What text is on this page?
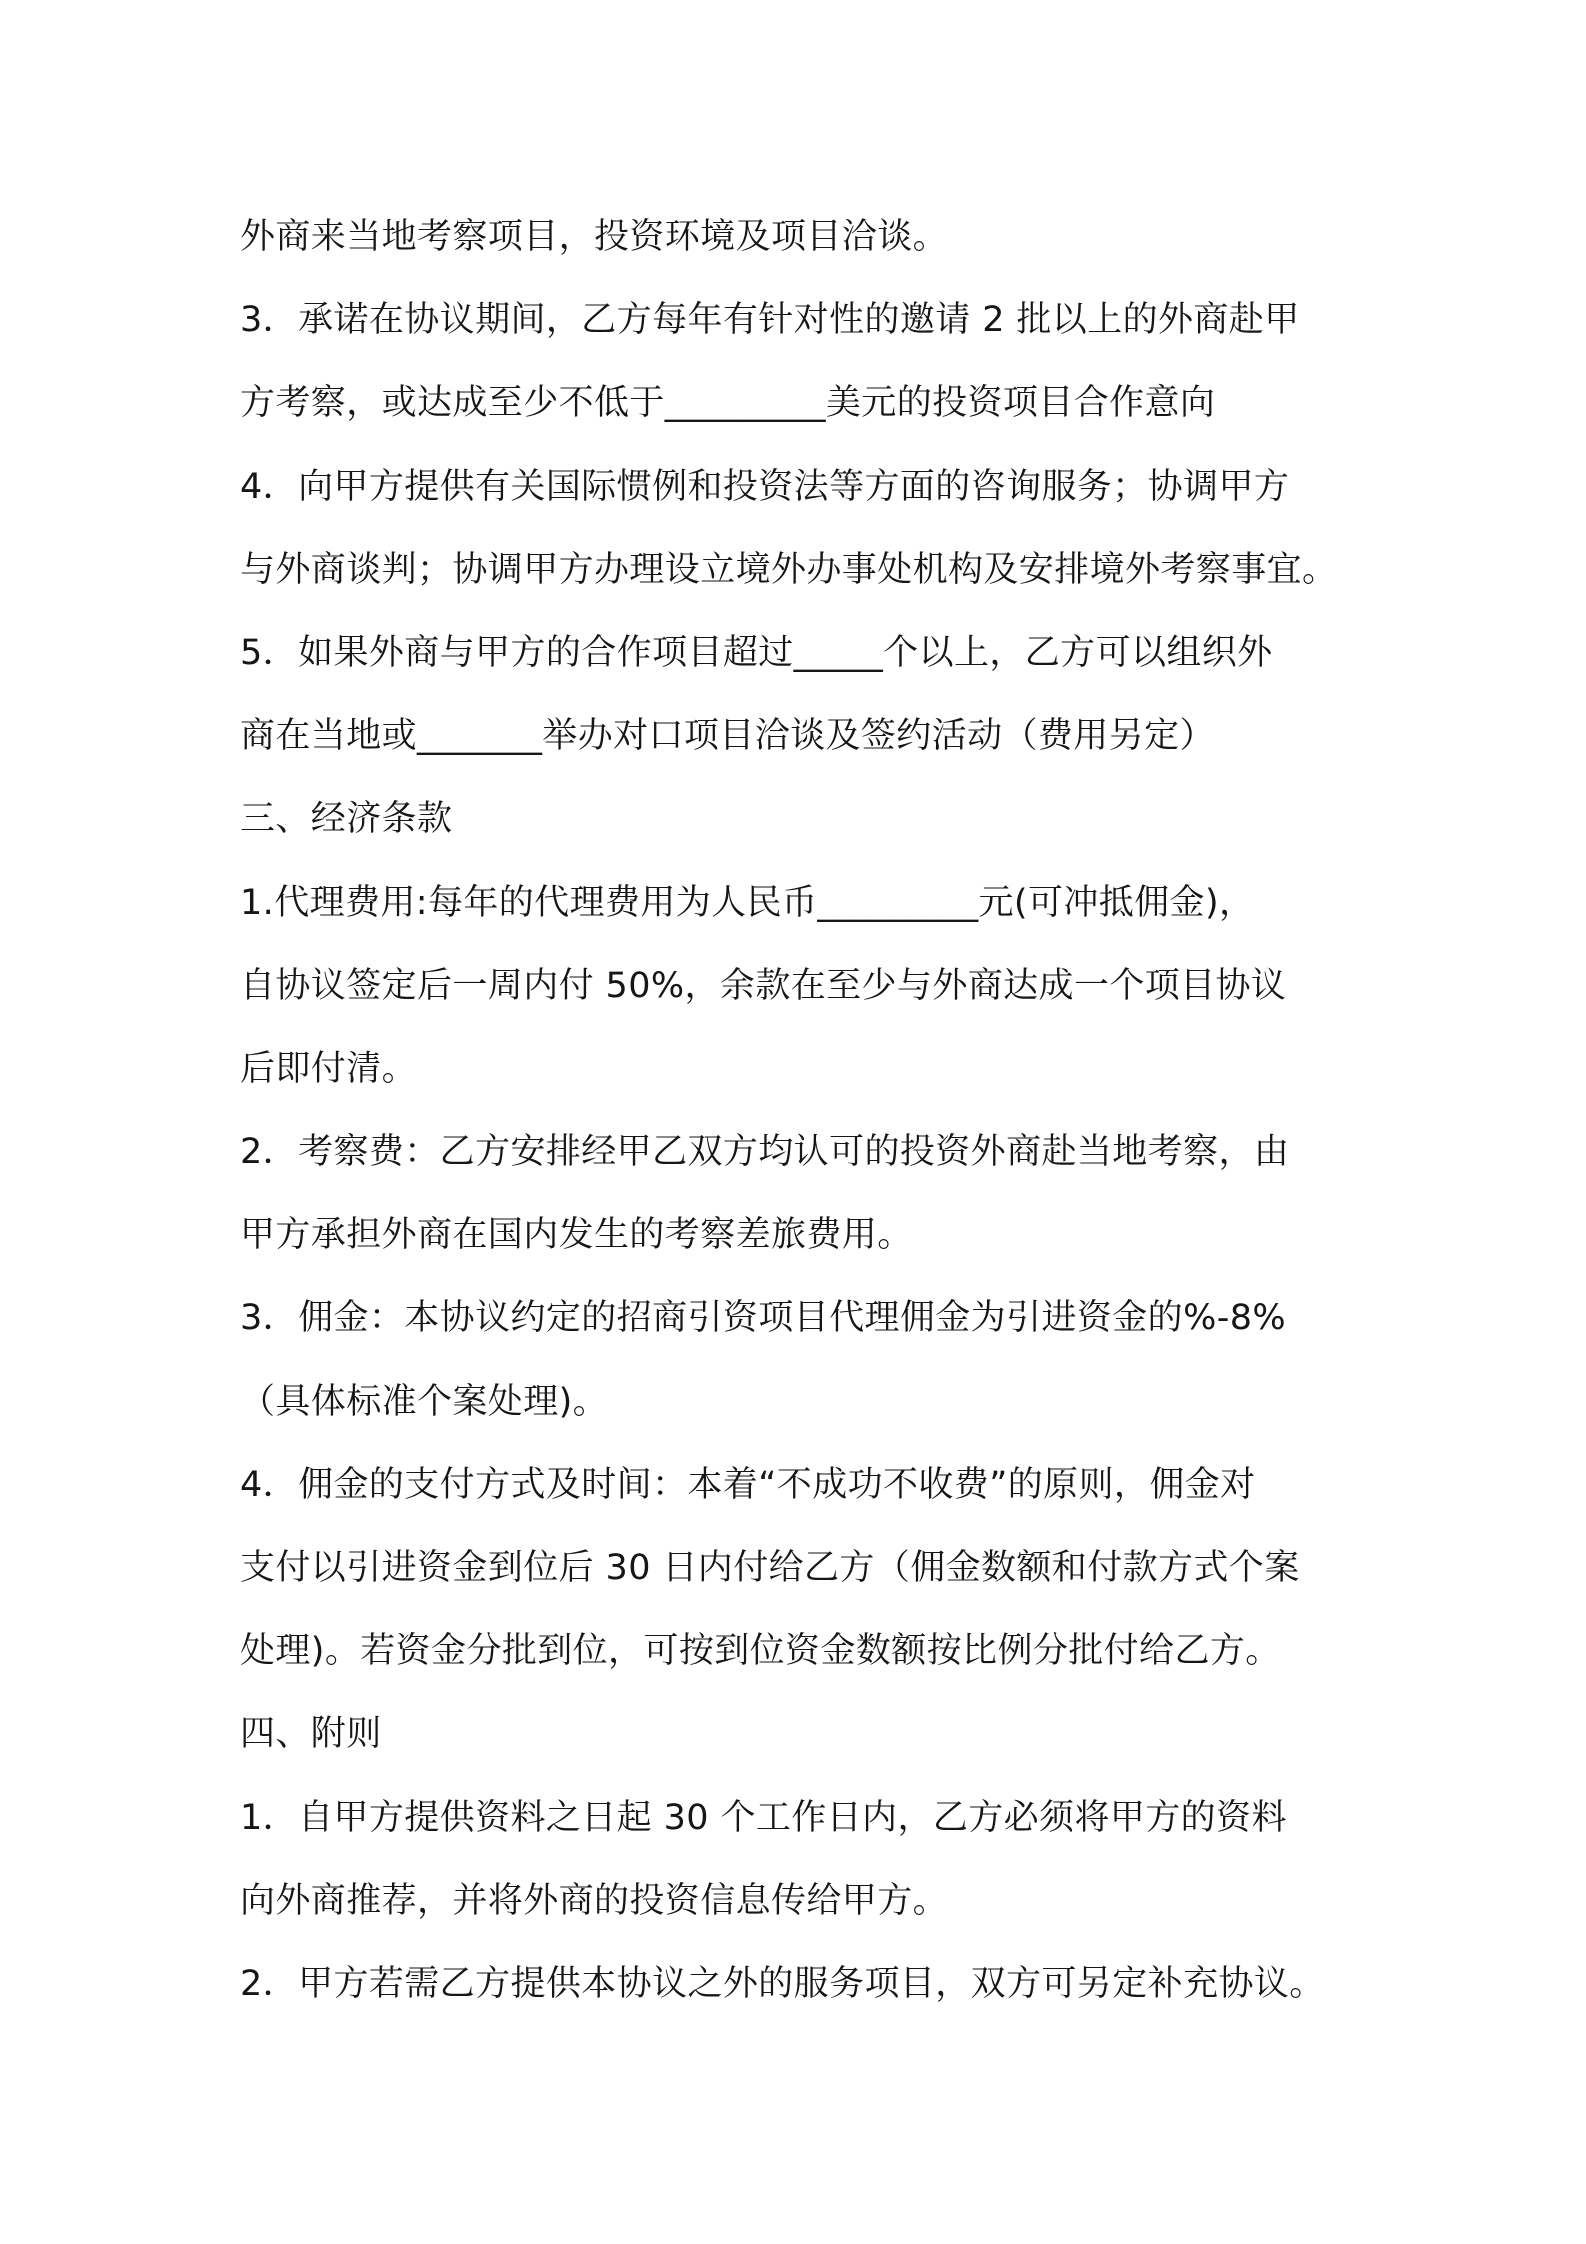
外商来当地考察项目，投资环境及项目洽谈。
3．承诺在协议期间，乙方每年有针对性的邀请 2 批以上的外商赴甲
方考察，或达成至少不低于_________美元的投资项目合作意向
4．向甲方提供有关国际惯例和投资法等方面的咨询服务；协调甲方
与外商谈判；协调甲方办理设立境外办事处机构及安排境外考察事宜。
5．如果外商与甲方的合作项目超过_____个以上，乙方可以组织外
商在当地或_______举办对口项目洽谈及签约活动（费用另定）
三、经济条款
1.代理费用:每年的代理费用为人民币_________元(可冲抵佣金)，
自协议签定后一周内付 50%，余款在至少与外商达成一个项目协议
后即付清。
2．考察费：乙方安排经甲乙双方均认可的投资外商赴当地考察，由
甲方承担外商在国内发生的考察差旅费用。
3．佣金：本协议约定的招商引资项目代理佣金为引进资金的%-8%
（具体标准个案处理)。
4．佣金的支付方式及时间：本着“不成功不收费”的原则，佣金对
支付以引进资金到位后 30 日内付给乙方（佣金数额和付款方式个案
处理)。若资金分批到位，可按到位资金数额按比例分批付给乙方。
四、附则
1．自甲方提供资料之日起 30 个工作日内，乙方必须将甲方的资料
向外商推荐，并将外商的投资信息传给甲方。
2．甲方若需乙方提供本协议之外的服务项目，双方可另定补充协议。
